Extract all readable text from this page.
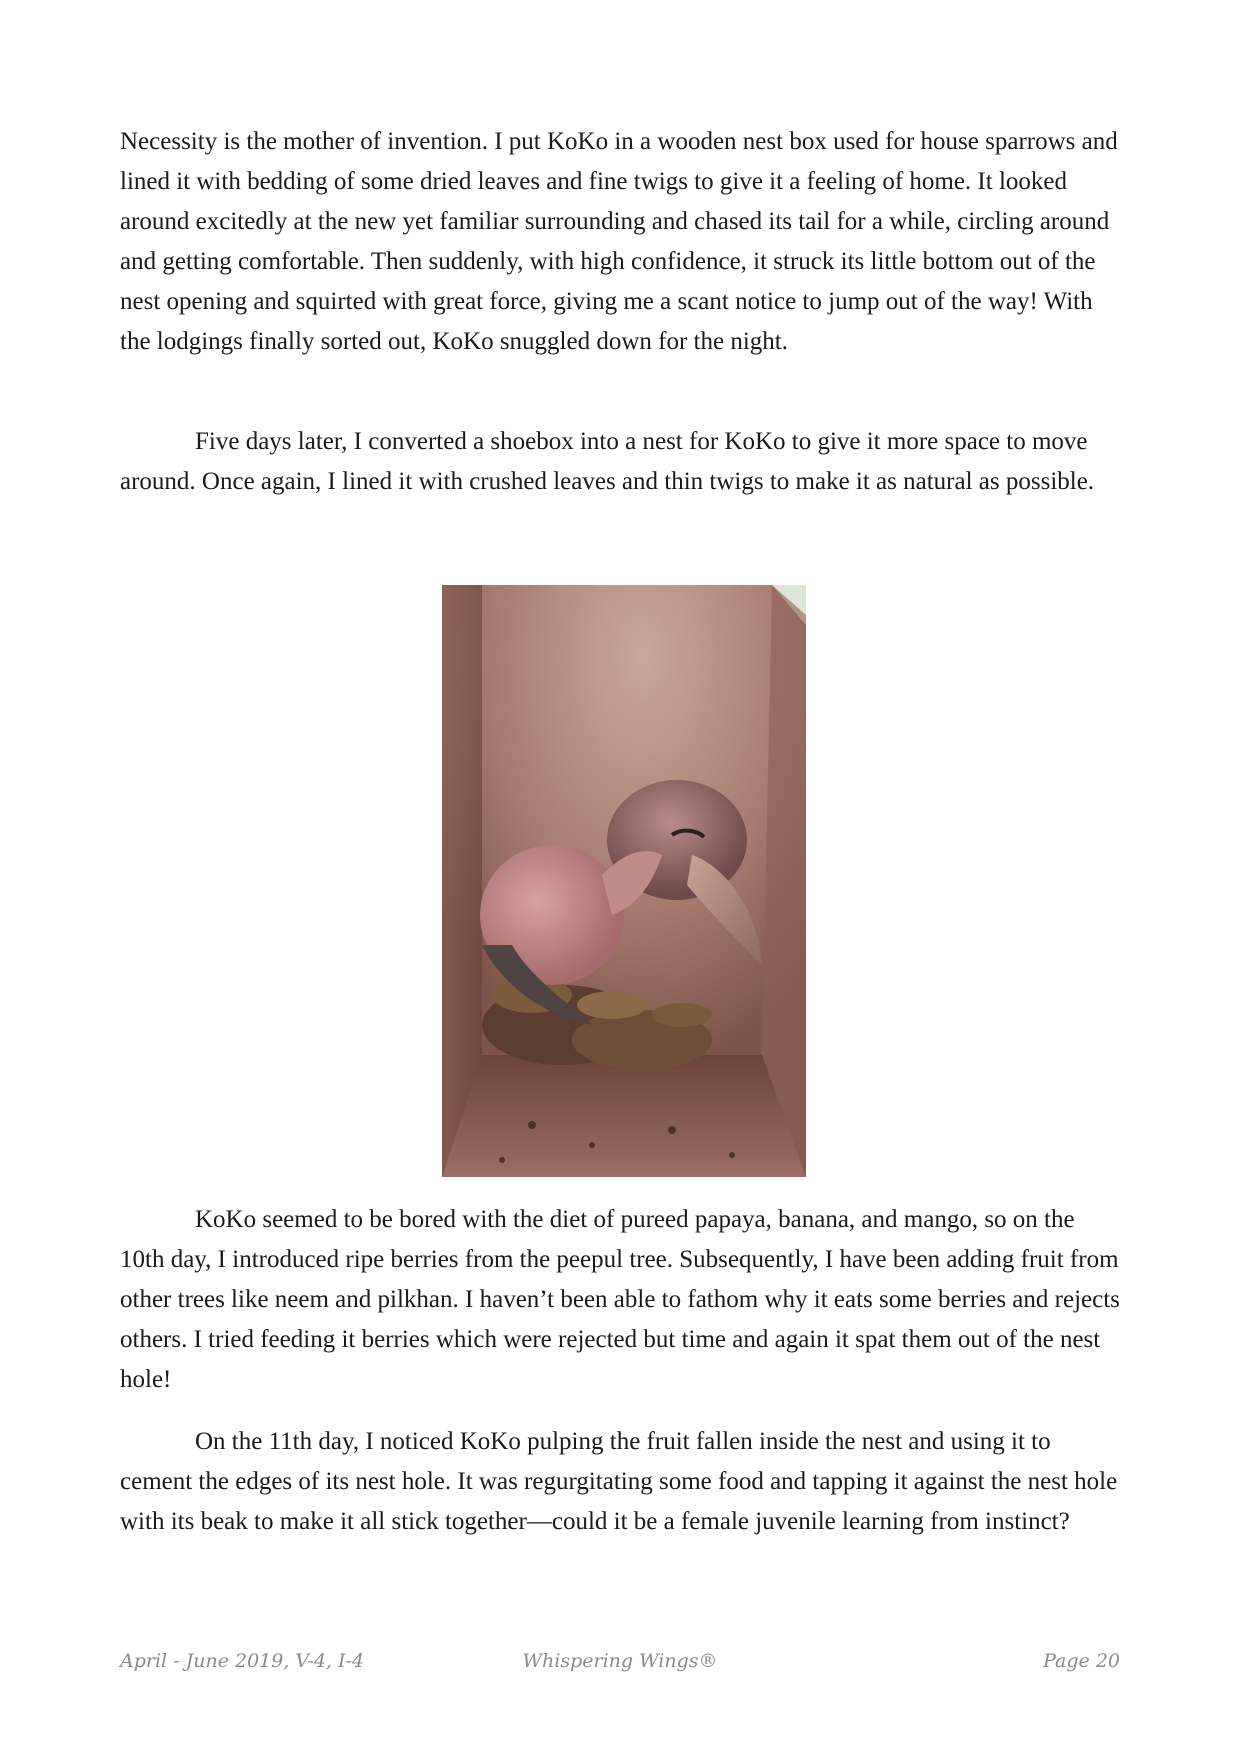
Necessity is the mother of invention. I put KoKo in a wooden nest box used for house sparrows and lined it with bedding of some dried leaves and fine twigs to give it a feeling of home. It looked around excitedly at the new yet familiar surrounding and chased its tail for a while, circling around and getting comfortable. Then suddenly, with high confidence, it struck its little bottom out of the nest opening and squirted with great force, giving me a scant notice to jump out of the way! With the lodgings finally sorted out, KoKo snuggled down for the night.

Five days later, I converted a shoebox into a nest for KoKo to give it more space to move around. Once again, I lined it with crushed leaves and thin twigs to make it as natural as possible.

KoKo seemed to be bored with the diet of pureed papaya, banana, and mango, so on the 10th day, I introduced ripe berries from the peepul tree. Subsequently, I have been adding fruit from other trees like neem and pilkhan. I haven’t been able to fathom why it eats some berries and rejects others. I tried feeding it berries which were rejected but time and again it spat them out of the nest hole!

On the 11th day, I noticed KoKo pulping the fruit fallen inside the nest and using it to cement the edges of its nest hole. It was regurgitating some food and tapping it against the nest hole with its beak to make it all stick together—could it be a female juvenile learning from instinct?

April - June 2019, V-4, I-4	Whispering Wings®	Page 20
